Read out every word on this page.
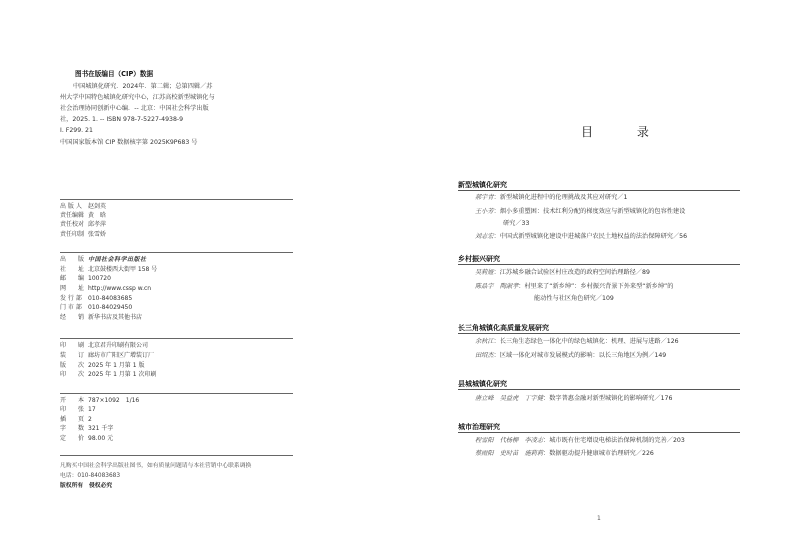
图书在版编目（CIP）数据
中国城镇化研究．2024年．第二辑；总第四辑／苏
州大学中国特色城镇化研究中心，江苏高校新型城镇化与
社会治理协同创新中心编．-- 北京：中国社会科学出版
社，2025. 1. -- ISBN 978-7-5227-4938-9
Ⅰ. F299. 21
中国国家版本馆 CIP 数据核字第 2025K9P683 号
出 版 人 赵剑英
责任编辑 黄　晗
责任校对 邱孝萍
责任印制 张雪娇
出　　版 中国社会科学出版社
社　　址 北京鼓楼西大街甲 158 号
邮　　编 100720
网　　址 http://www.cssp w.cn
发 行 部 010-84083685
门 市 部 010-84029450
经　　销 新华书店及其他书店
印　　刷 北京君升印刷有限公司
装　　订 廊坊市广阳区广增装订厂
版　　次 2025 年 1 月第 1 版
印　　次 2025 年 1 月第 1 次印刷
开　　本 787×1092　1/16
印　　张 17
插　　页 2
字　　数 321 千字
定　　价 98.00 元
凡购买中国社会科学出版社图书，如有质量问题请与本社营销中心联系调换
电话：010-84083683
版权所有　侵权必究
目 录
新型城镇化研究
郝宇青：新型城镇化进程中的伦理挑战及其应对研究／1
王小芳：烟小多重塑困：技术红利分配的梯度效应与新型城镇化的包容性建设
研究／33
刘志宏：中国式新型城镇化建设中进城落户农民土地权益的法治保障研究／56
乡村振兴研究
吴莉娅：江苏城乡融合试验区村庄改造的政府空间治理路径／89
陈品宇　陶淑孝：村里来了“新乡绅”：乡村振兴背景下外来型“新乡绅”的
能动性与社区角色研究／109
长三角城镇化高质量发展研究
余秋江：长三角生态绿色一体化中的绿色城镇化：机理、进展与进路／126
田绍杰：区域一体化对城市发展模式的影响：以长三角地区为例／149
县城城镇化研究
唐立峰　吴益虎　丁宇健：数字普惠金融对新型城镇化的影响研究／176
城市治理研究
程雪阳　代杨柳　李凌志：城市既有住宅增设电梯法治保障机制的完善／203
蔡雨阳　史时苗　施莉莉：数据驱动提升健康城市治理研究／226
1
